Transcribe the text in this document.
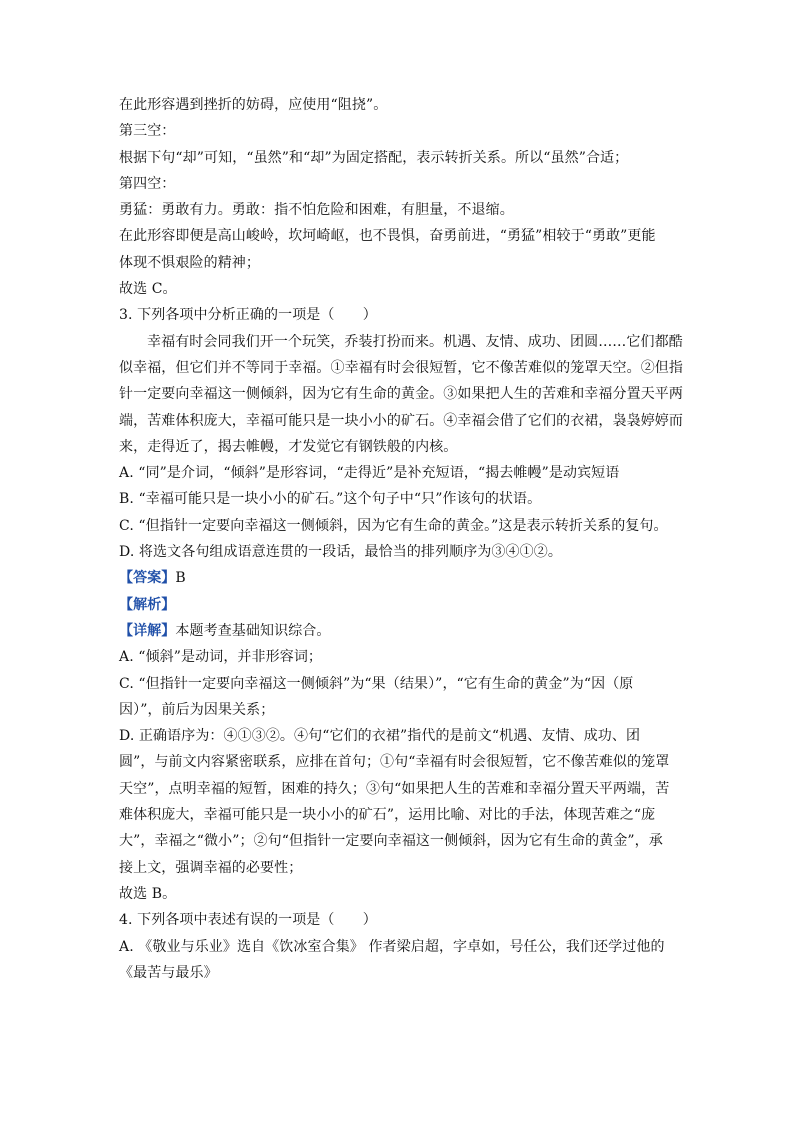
在此形容遇到挫折的妨碍，应使用“阻挠”。
第三空：
根据下句“却”可知，“虽然”和“却”为固定搭配，表示转折关系。所以“虽然”合适；
第四空：
勇猛：勇敢有力。勇敢：指不怕危险和困难，有胆量，不退缩。
在此形容即便是高山峻岭，坎坷崎岖，也不畏惧，奋勇前进，“勇猛”相较于“勇敢”更能
体现不惧艰险的精神；
故选 C。
3. 下列各项中分析正确的一项是（　　）
幸福有时会同我们开一个玩笑，乔装打扮而来。机遇、友情、成功、团圆……它们都酷
似幸福，但它们并不等同于幸福。①幸福有时会很短暂，它不像苦难似的笼罩天空。②但指
针一定要向幸福这一侧倾斜，因为它有生命的黄金。③如果把人生的苦难和幸福分置天平两
端，苦难体积庞大，幸福可能只是一块小小的矿石。④幸福会借了它们的衣裙，袅袅婷婷而
来，走得近了，揭去帷幔，才发觉它有钢铁般的内核。
A. “同”是介词，“倾斜”是形容词，“走得近”是补充短语，“揭去帷幔”是动宾短语
B. “幸福可能只是一块小小的矿石。”这个句子中“只”作该句的状语。
C. “但指针一定要向幸福这一侧倾斜，因为它有生命的黄金。”这是表示转折关系的复句。
D. 将选文各句组成语意连贯的一段话，最恰当的排列顺序为③④①②。
【答案】B
【解析】
【详解】本题考查基础知识综合。
A. “倾斜”是动词，并非形容词；
C. “但指针一定要向幸福这一侧倾斜”为“果（结果）”，“它有生命的黄金”为“因（原
因）”，前后为因果关系；
D. 正确语序为：④①③②。④句“它们的衣裙”指代的是前文“机遇、友情、成功、团
圆”，与前文内容紧密联系，应排在首句；①句“幸福有时会很短暂，它不像苦难似的笼罩
天空”，点明幸福的短暂，困难的持久；③句“如果把人生的苦难和幸福分置天平两端，苦
难体积庞大，幸福可能只是一块小小的矿石”，运用比喻、对比的手法，体现苦难之“庞
大”，幸福之“微小”；②句“但指针一定要向幸福这一侧倾斜，因为它有生命的黄金”，承
接上文，强调幸福的必要性；
故选 B。
4. 下列各项中表述有误的一项是（　　）
A. 《敬业与乐业》选自《饮冰室合集》 作者梁启超，字卓如，号任公，我们还学过他的
《最苦与最乐》
